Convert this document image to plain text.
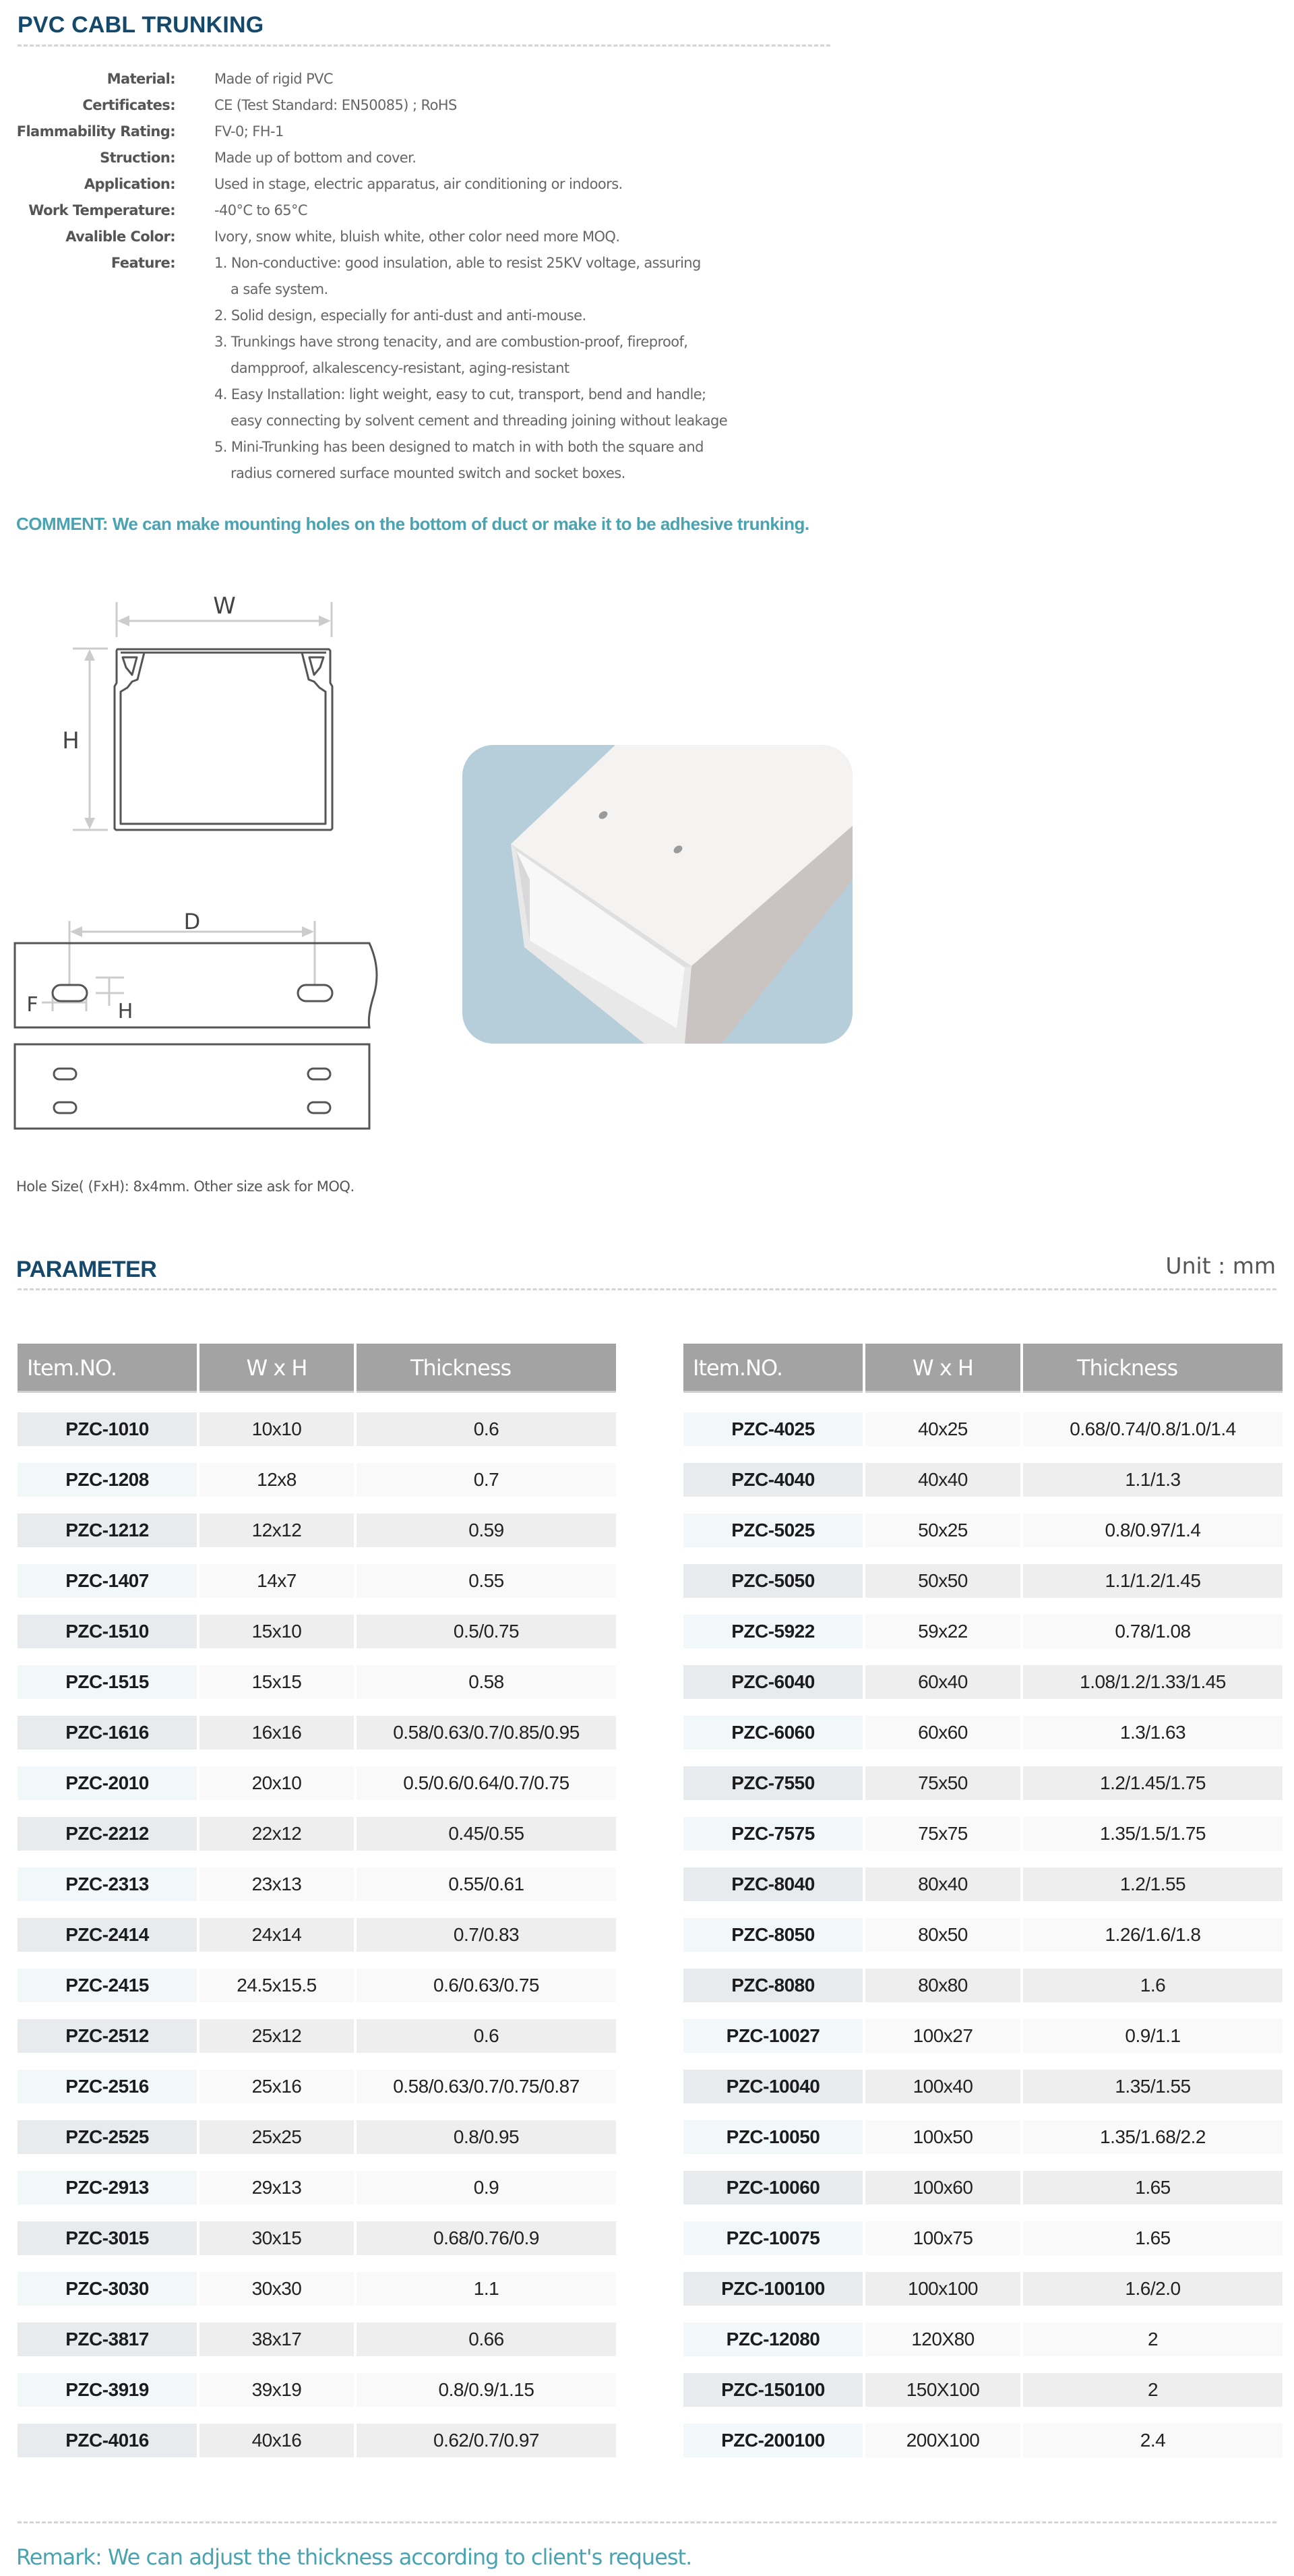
PVC CABL TRUNKING
Material:	Made of rigid PVC
Certificates:	CE (Test Standard: EN50085) ; RoHS
Flammability Rating:	FV-0; FH-1
Struction:	Made up of bottom and cover.
Application:	Used in stage, electric apparatus, air conditioning or indoors.
Work Temperature:	-40°C to 65°C
Avalible Color:	Ivory, snow white, bluish white, other color need more MOQ.
Feature:	1. Non-conductive: good insulation, able to resist 25KV voltage, assuring
a safe system.
2. Solid design, especially for anti-dust and anti-mouse.
3. Trunkings have strong tenacity, and are combustion-proof, fireproof,
dampproof, alkalescency-resistant, aging-resistant
4. Easy Installation: light weight, easy to cut, transport, bend and handle;
easy connecting by solvent cement and threading joining without leakage
5. Mini-Trunking has been designed to match in with both the square and
radius cornered surface mounted switch and socket boxes.
COMMENT: We can make mounting holes on the bottom of duct or make it to be adhesive trunking.
W
H
D
F	H
Hole Size( (FxH): 8x4mm. Other size ask for MOQ.
PARAMETER	Unit : mm
Item.NO.	W x H	Thickness
PZC-1010	10x10	0.6
PZC-1208	12x8	0.7
PZC-1212	12x12	0.59
PZC-1407	14x7	0.55
PZC-1510	15x10	0.5/0.75
PZC-1515	15x15	0.58
PZC-1616	16x16	0.58/0.63/0.7/0.85/0.95
PZC-2010	20x10	0.5/0.6/0.64/0.7/0.75
PZC-2212	22x12	0.45/0.55
PZC-2313	23x13	0.55/0.61
PZC-2414	24x14	0.7/0.83
PZC-2415	24.5x15.5	0.6/0.63/0.75
PZC-2512	25x12	0.6
PZC-2516	25x16	0.58/0.63/0.7/0.75/0.87
PZC-2525	25x25	0.8/0.95
PZC-2913	29x13	0.9
PZC-3015	30x15	0.68/0.76/0.9
PZC-3030	30x30	1.1
PZC-3817	38x17	0.66
PZC-3919	39x19	0.8/0.9/1.15
PZC-4016	40x16	0.62/0.7/0.97
Item.NO.	W x H	Thickness
PZC-4025	40x25	0.68/0.74/0.8/1.0/1.4
PZC-4040	40x40	1.1/1.3
PZC-5025	50x25	0.8/0.97/1.4
PZC-5050	50x50	1.1/1.2/1.45
PZC-5922	59x22	0.78/1.08
PZC-6040	60x40	1.08/1.2/1.33/1.45
PZC-6060	60x60	1.3/1.63
PZC-7550	75x50	1.2/1.45/1.75
PZC-7575	75x75	1.35/1.5/1.75
PZC-8040	80x40	1.2/1.55
PZC-8050	80x50	1.26/1.6/1.8
PZC-8080	80x80	1.6
PZC-10027	100x27	0.9/1.1
PZC-10040	100x40	1.35/1.55
PZC-10050	100x50	1.35/1.68/2.2
PZC-10060	100x60	1.65
PZC-10075	100x75	1.65
PZC-100100	100x100	1.6/2.0
PZC-12080	120X80	2
PZC-150100	150X100	2
PZC-200100	200X100	2.4
Remark: We can adjust the thickness according to client's request.
